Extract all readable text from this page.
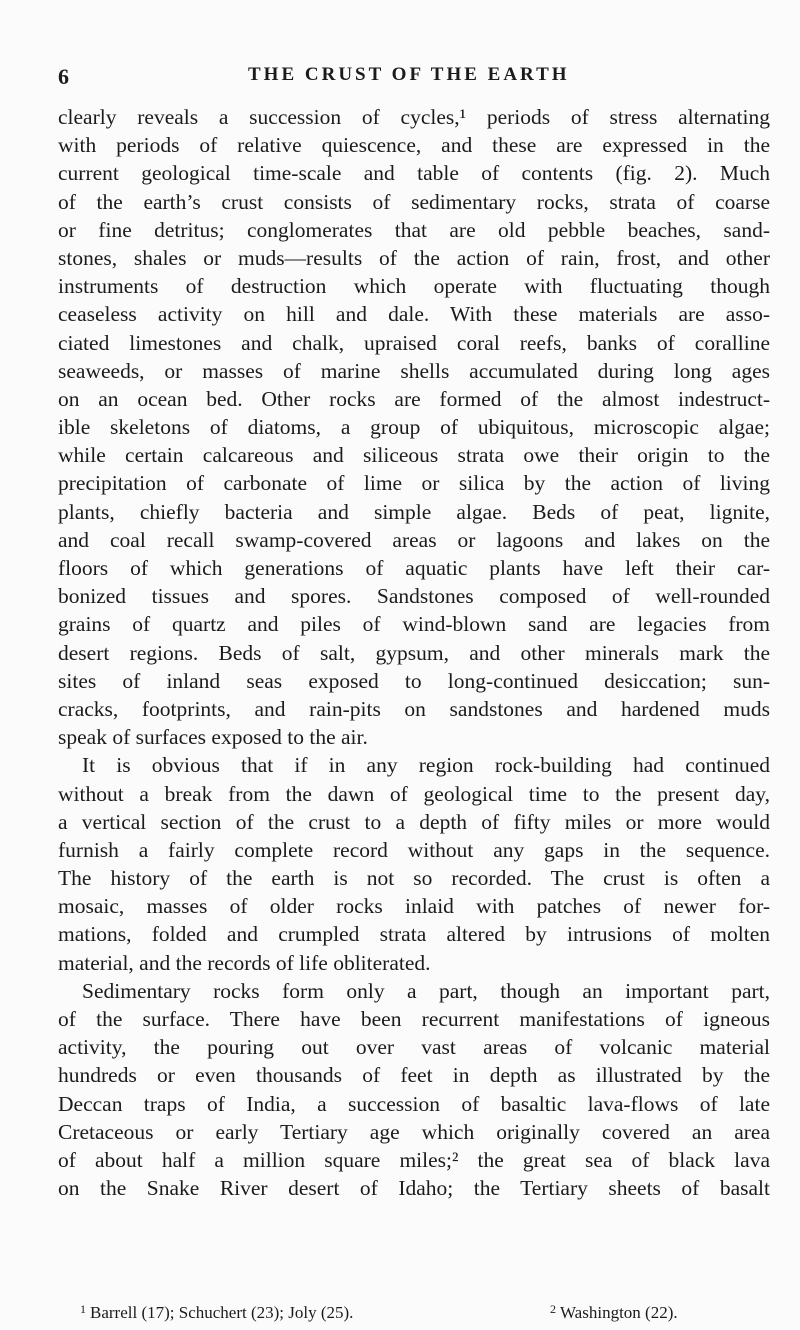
6	THE CRUST OF THE EARTH
clearly reveals a succession of cycles,¹ periods of stress alternating
with periods of relative quiescence, and these are expressed in the
current geological time-scale and table of contents (fig. 2). Much
of the earth’s crust consists of sedimentary rocks, strata of coarse
or fine detritus; conglomerates that are old pebble beaches, sand-
stones, shales or muds—results of the action of rain, frost, and other
instruments of destruction which operate with fluctuating though
ceaseless activity on hill and dale. With these materials are asso-
ciated limestones and chalk, upraised coral reefs, banks of coralline
seaweeds, or masses of marine shells accumulated during long ages
on an ocean bed. Other rocks are formed of the almost indestruct-
ible skeletons of diatoms, a group of ubiquitous, microscopic algae;
while certain calcareous and siliceous strata owe their origin to the
precipitation of carbonate of lime or silica by the action of living
plants, chiefly bacteria and simple algae. Beds of peat, lignite,
and coal recall swamp-covered areas or lagoons and lakes on the
floors of which generations of aquatic plants have left their car-
bonized tissues and spores. Sandstones composed of well-rounded
grains of quartz and piles of wind-blown sand are legacies from
desert regions. Beds of salt, gypsum, and other minerals mark the
sites of inland seas exposed to long-continued desiccation; sun-
cracks, footprints, and rain-pits on sandstones and hardened muds
speak of surfaces exposed to the air.
It is obvious that if in any region rock-building had continued
without a break from the dawn of geological time to the present day,
a vertical section of the crust to a depth of fifty miles or more would
furnish a fairly complete record without any gaps in the sequence.
The history of the earth is not so recorded. The crust is often a
mosaic, masses of older rocks inlaid with patches of newer for-
mations, folded and crumpled strata altered by intrusions of molten
material, and the records of life obliterated.
Sedimentary rocks form only a part, though an important part,
of the surface. There have been recurrent manifestations of igneous
activity, the pouring out over vast areas of volcanic material
hundreds or even thousands of feet in depth as illustrated by the
Deccan traps of India, a succession of basaltic lava-flows of late
Cretaceous or early Tertiary age which originally covered an area
of about half a million square miles;² the great sea of black lava
on the Snake River desert of Idaho; the Tertiary sheets of basalt
$^1$ Barrell (17); Schuchert (23); Joly (25).	$^2$ Washington (22).
